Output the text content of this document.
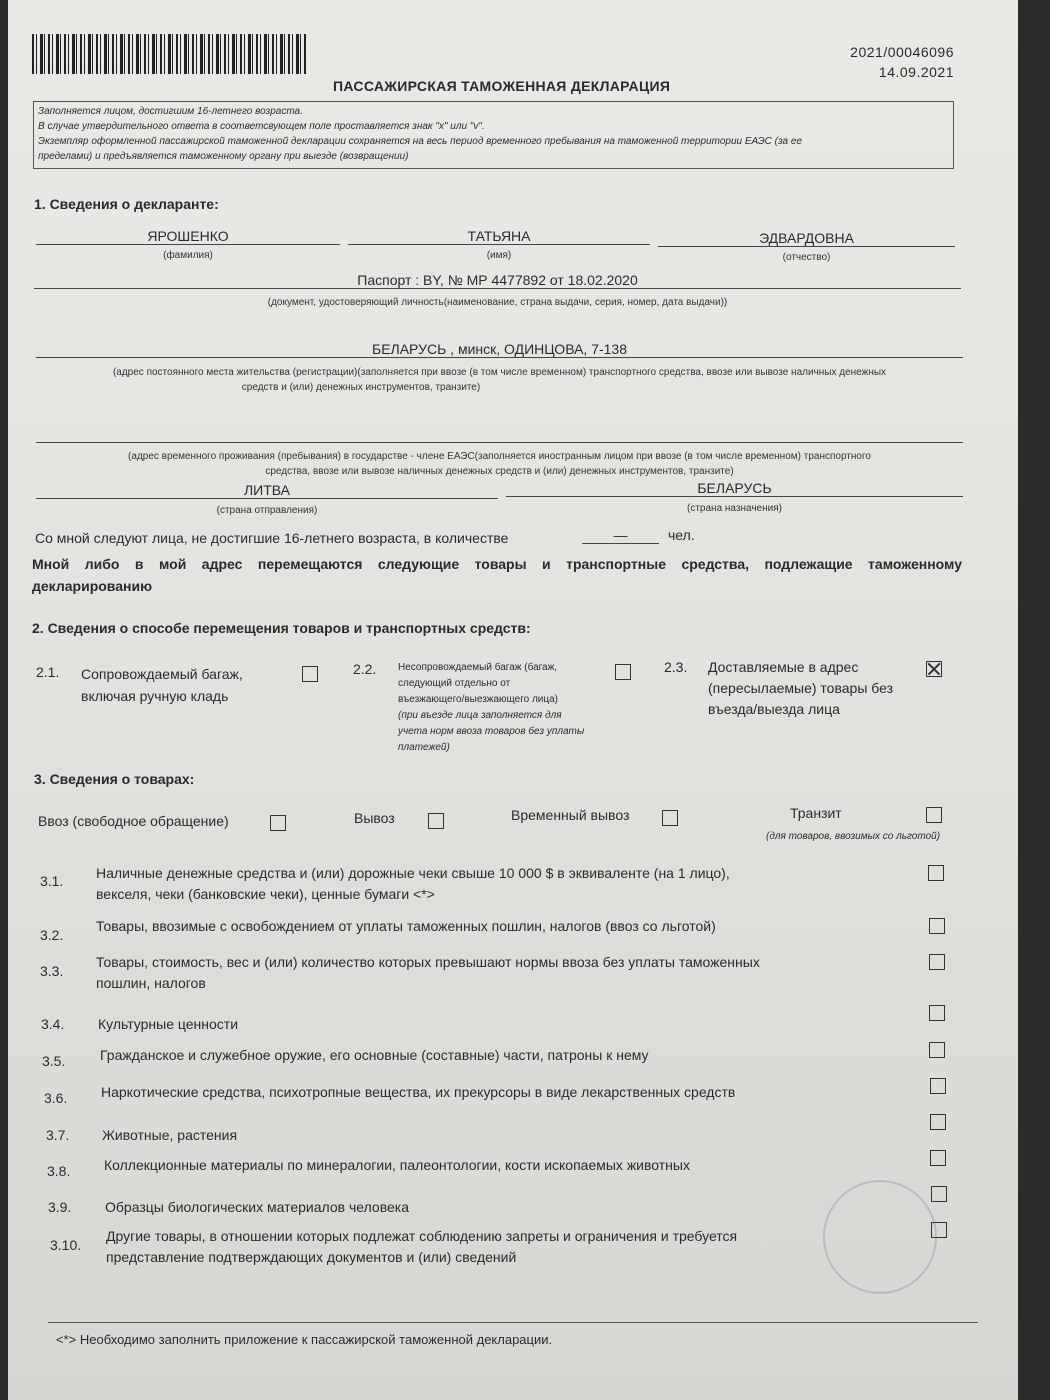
2021/00046096
14.09.2021
ПАССАЖИРСКАЯ ТАМОЖЕННАЯ ДЕКЛАРАЦИЯ
Заполняется лицом, достигшим 16-летнего возраста.
В случае утвердительного ответа в соответсвующем поле проставляется знак "х" или "v".
Экземпляр оформленной пассажирской таможенной декларации сохраняется на весь период временного пребывания на таможенной территории ЕАЭС (за ее
пределами) и предъявляется таможенному органу при выезде (возвращении)
1. Сведения о декларанте:
ЯРОШЕНКО
(фамилия)
ТАТЬЯНА
(имя)
ЭДВАРДОВНА
(отчество)
Паспорт : BY, № МР 4477892 от 18.02.2020
(документ, удостоверяющий личность(наименование, страна выдачи, серия, номер, дата выдачи))
БЕЛАРУСЬ , минск, ОДИНЦОВА, 7-138
(адрес постоянного места жительства (регистрации)(заполняется при ввозе (в том числе временном) транспортного средства, ввозе или вывозе наличных денежных
средств и (или) денежных инструментов, транзите)
(адрес временного проживания (пребывания) в государстве - члене ЕАЭС(заполняется иностранным лицом при ввозе (в том числе временном) транспортного
средства, ввозе или вывозе наличных денежных средств и (или) денежных инструментов, транзите)
ЛИТВА
(страна отправления)
БЕЛАРУСЬ
(страна назначения)
Со мной следуют лица, не достигшие 16-летнего возраста, в количестве	—	чел.
Мной либо в мой адрес перемещаются следующие товары и транспортные средства, подлежащие таможенному
декларированию
2. Сведения о способе перемещения товаров и транспортных средств:
2.1. Сопровождаемый багаж,
включая ручную кладь
2.2. Несопровождаемый багаж (багаж,
следующий отдельно от
въезжающего/выезжающего лица)
(при въезде лица заполняется для
учета норм ввоза товаров без уплаты
платежей)
2.3. Доставляемые в адрес
(пересылаемые) товары без
въезда/выезда лица
3. Сведения о товарах:
Ввоз (свободное обращение)	Вывоз	Временный вывоз	Транзит
(для товаров, ввозимых со льготой)
3.1. Наличные денежные средства и (или) дорожные чеки свыше 10 000 $ в эквиваленте (на 1 лицо),
векселя, чеки (банковские чеки), ценные бумаги <*>
3.2.
Товары, ввозимые с освобождением от уплаты таможенных пошлин, налогов (ввоз со льготой)
3.3.
Товары, стоимость, вес и (или) количество которых превышают нормы ввоза без уплаты таможенных
пошлин, налогов
3.4. Культурные ценности
3.5. Гражданское и служебное оружие, его основные (составные) части, патроны к нему
3.6. Наркотические средства, психотропные вещества, их прекурсоры в виде лекарственных средств
3.7. Животные, растения
3.8. Коллекционные материалы по минералогии, палеонтологии, кости ископаемых животных
3.9. Образцы биологических материалов человека
3.10.
Другие товары, в отношении которых подлежат соблюдению запреты и ограничения и требуется
представление подтверждающих документов и (или) сведений
<*> Необходимо заполнить приложение к пассажирской таможенной декларации.
